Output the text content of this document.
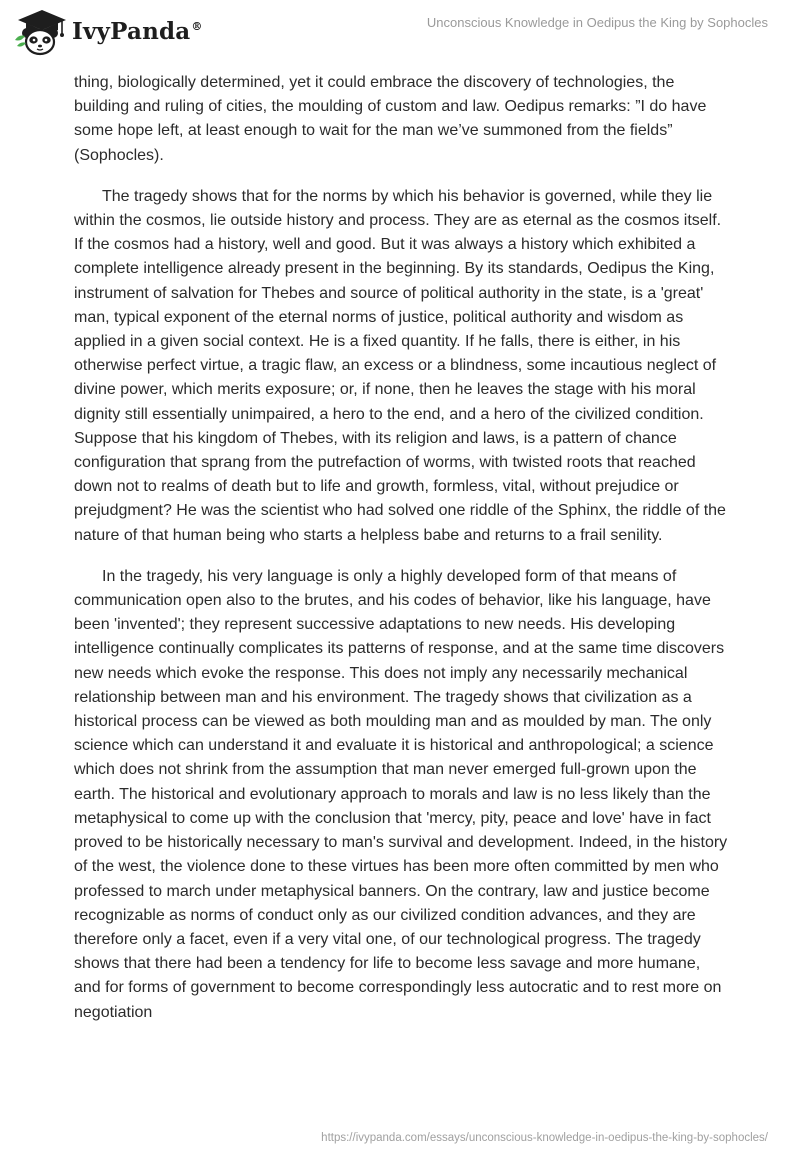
IvyPanda®	Unconscious Knowledge in Oedipus the King by Sophocles

thing, biologically determined, yet it could embrace the discovery of technologies, the building and ruling of cities, the moulding of custom and law. Oedipus remarks: ”I do have some hope left, at least enough to wait for the man we’ve summoned from the fields” (Sophocles).

The tragedy shows that for the norms by which his behavior is governed, while they lie within the cosmos, lie outside history and process. They are as eternal as the cosmos itself. If the cosmos had a history, well and good. But it was always a history which exhibited a complete intelligence already present in the beginning. By its standards, Oedipus the King, instrument of salvation for Thebes and source of political authority in the state, is a 'great' man, typical exponent of the eternal norms of justice, political authority and wisdom as applied in a given social context. He is a fixed quantity. If he falls, there is either, in his otherwise perfect virtue, a tragic flaw, an excess or a blindness, some incautious neglect of divine power, which merits exposure; or, if none, then he leaves the stage with his moral dignity still essentially unimpaired, a hero to the end, and a hero of the civilized condition. Suppose that his kingdom of Thebes, with its religion and laws, is a pattern of chance configuration that sprang from the putrefaction of worms, with twisted roots that reached down not to realms of death but to life and growth, formless, vital, without prejudice or prejudgment? He was the scientist who had solved one riddle of the Sphinx, the riddle of the nature of that human being who starts a helpless babe and returns to a frail senility.

In the tragedy, his very language is only a highly developed form of that means of communication open also to the brutes, and his codes of behavior, like his language, have been 'invented'; they represent successive adaptations to new needs. His developing intelligence continually complicates its patterns of response, and at the same time discovers new needs which evoke the response. This does not imply any necessarily mechanical relationship between man and his environment. The tragedy shows that civilization as a historical process can be viewed as both moulding man and as moulded by man. The only science which can understand it and evaluate it is historical and anthropological; a science which does not shrink from the assumption that man never emerged full-grown upon the earth. The historical and evolutionary approach to morals and law is no less likely than the metaphysical to come up with the conclusion that 'mercy, pity, peace and love' have in fact proved to be historically necessary to man's survival and development. Indeed, in the history of the west, the violence done to these virtues has been more often committed by men who professed to march under metaphysical banners. On the contrary, law and justice become recognizable as norms of conduct only as our civilized condition advances, and they are therefore only a facet, even if a very vital one, of our technological progress. The tragedy shows that there had been a tendency for life to become less savage and more humane, and for forms of government to become correspondingly less autocratic and to rest more on negotiation

https://ivypanda.com/essays/unconscious-knowledge-in-oedipus-the-king-by-sophocles/
